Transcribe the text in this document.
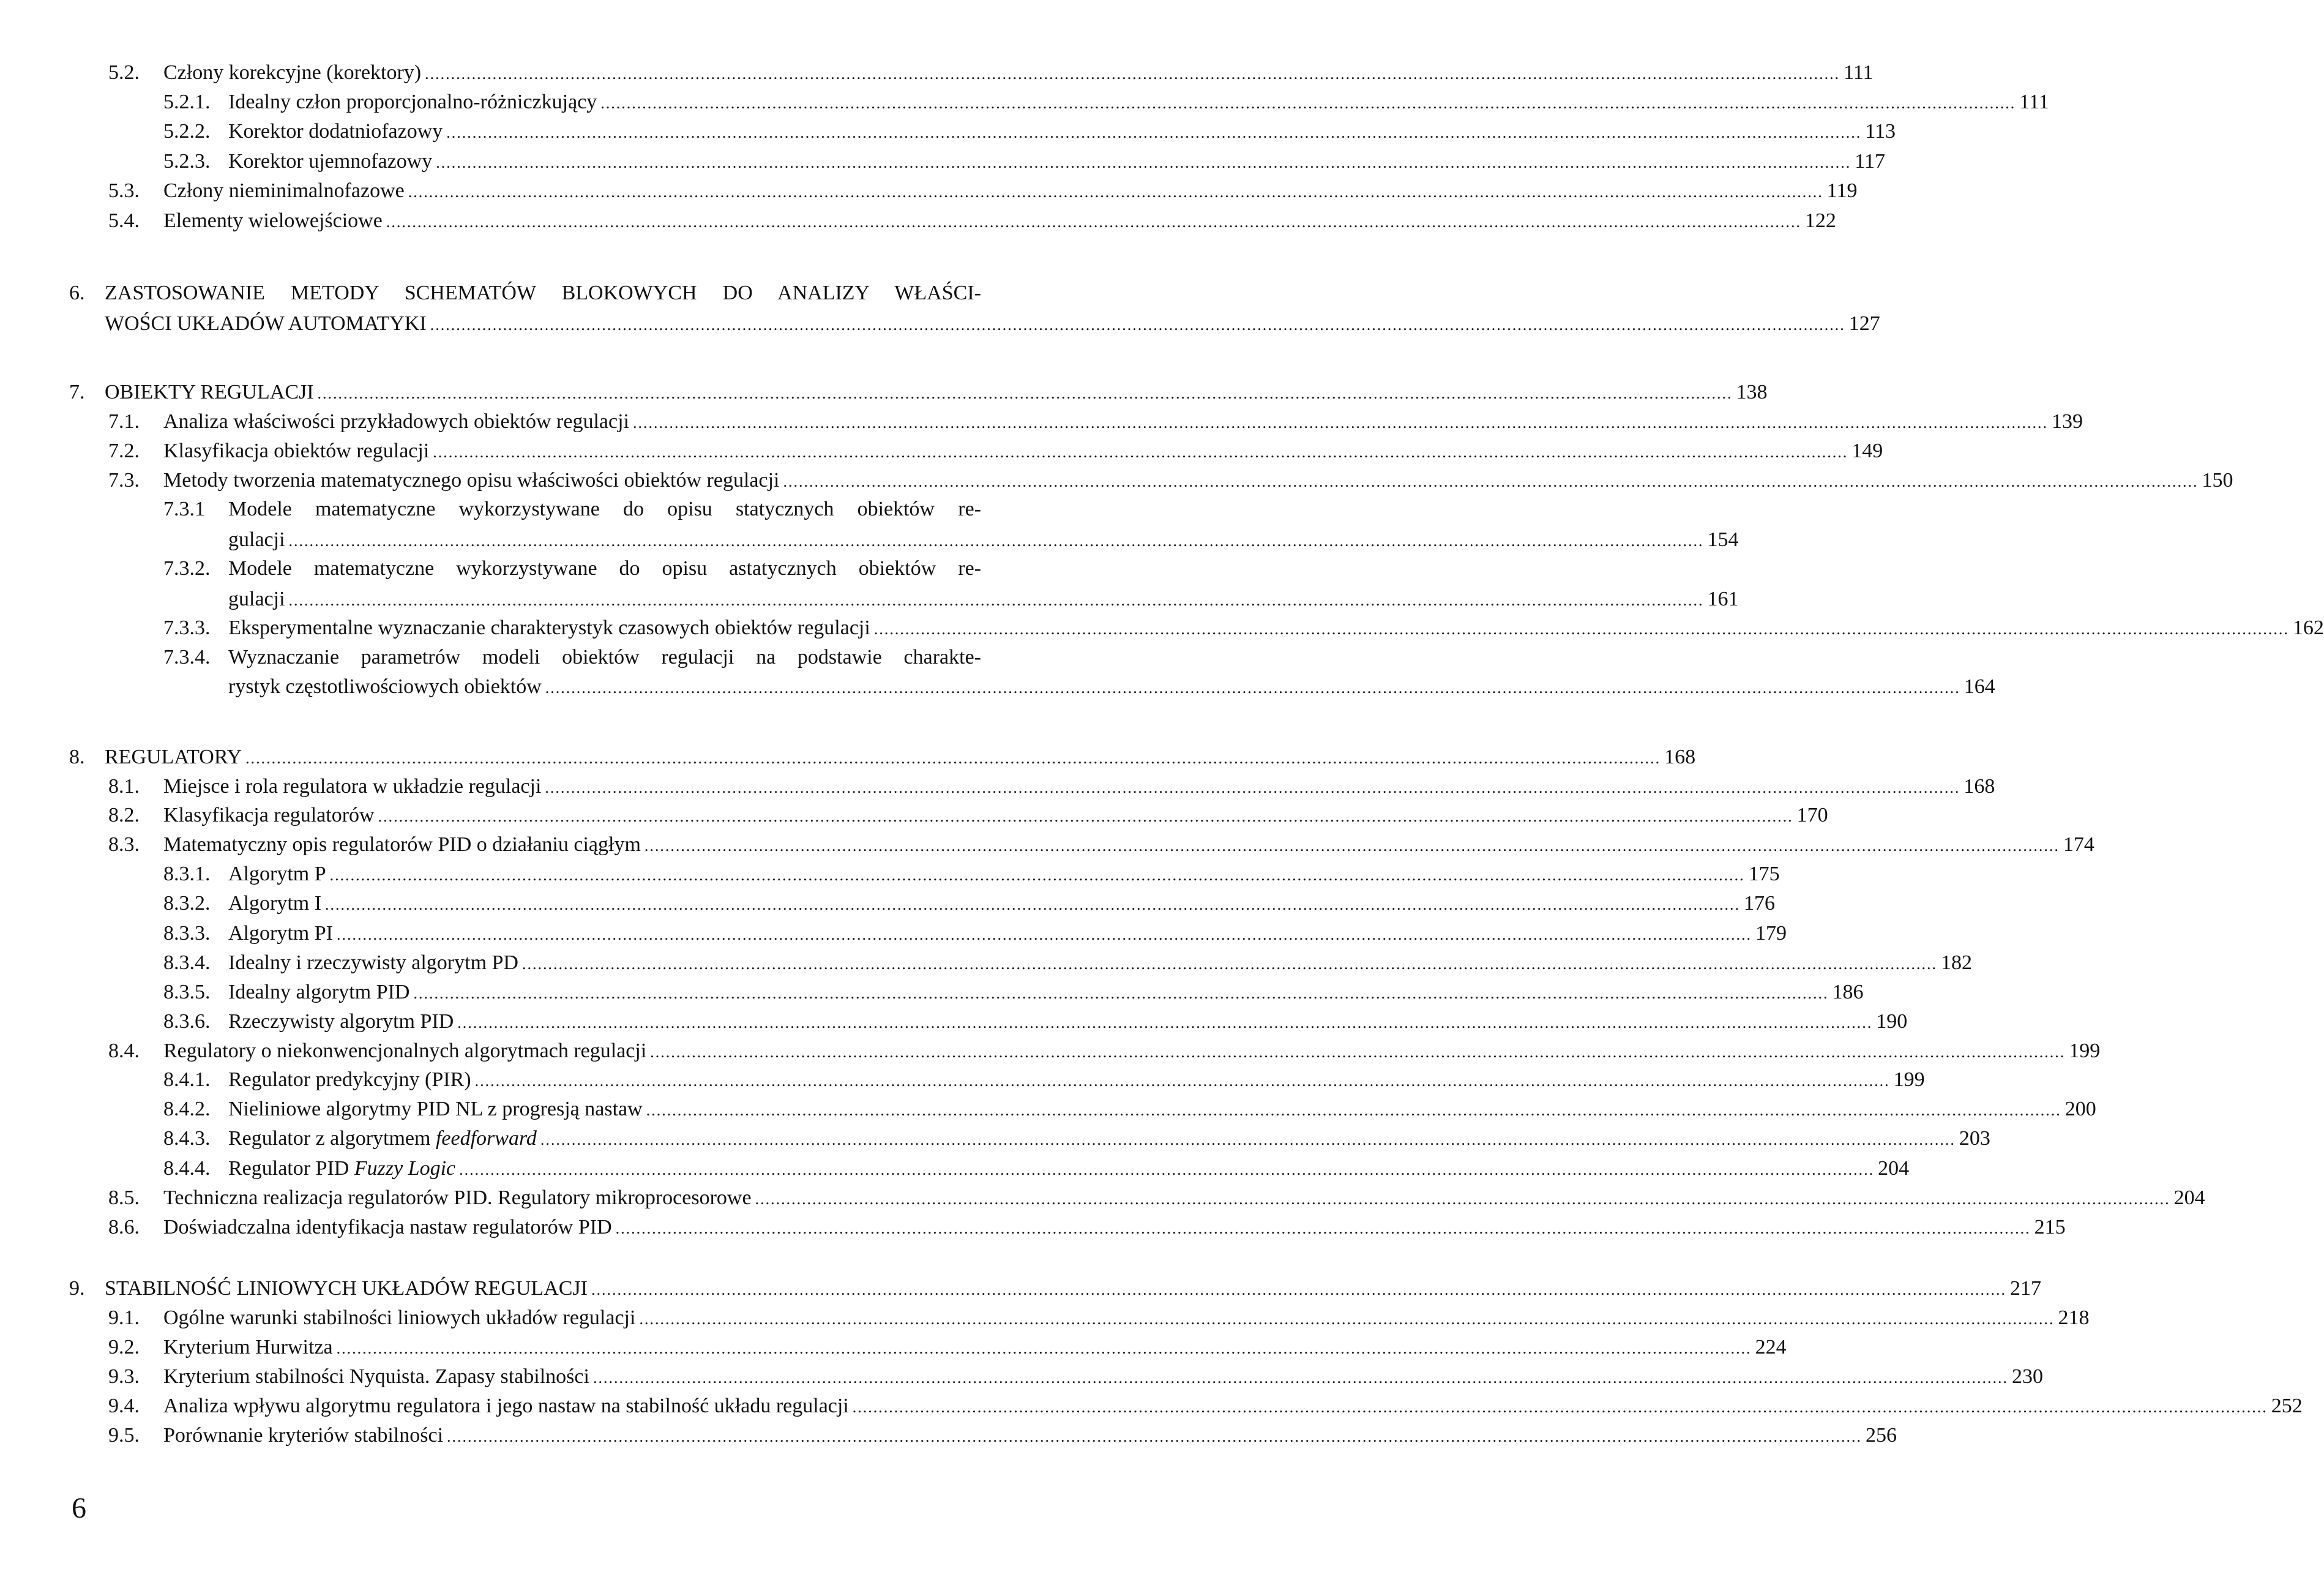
5.2. Człony korekcyjne (korektory) ................................................................................................................................................................................................................................................................................ 111
5.2.1. Idealny człon proporcjonalno-różniczkujący ................................................................................................................................................................................................................................................................................ 111
5.2.2. Korektor dodatniofazowy ................................................................................................................................................................................................................................................................................ 113
5.2.3. Korektor ujemnofazowy ................................................................................................................................................................................................................................................................................ 117
5.3. Człony nieminimalnofazowe ................................................................................................................................................................................................................................................................................ 119
5.4. Elementy wielowejściowe ................................................................................................................................................................................................................................................................................ 122
6. ZASTOSOWANIE METODY SCHEMATÓW BLOKOWYCH DO ANALIZY WŁAŚCI-
WOŚCI UKŁADÓW AUTOMATYKI ................................................................................................................................................................................................................................................................................ 127
7. OBIEKTY REGULACJI ................................................................................................................................................................................................................................................................................ 138
7.1. Analiza właściwości przykładowych obiektów regulacji ................................................................................................................................................................................................................................................................................ 139
7.2. Klasyfikacja obiektów regulacji ................................................................................................................................................................................................................................................................................ 149
7.3. Metody tworzenia matematycznego opisu właściwości obiektów regulacji ................................................................................................................................................................................................................................................................................ 150
7.3.1 Modele matematyczne wykorzystywane do opisu statycznych obiektów re-
gulacji ................................................................................................................................................................................................................................................................................ 154
7.3.2. Modele matematyczne wykorzystywane do opisu astatycznych obiektów re-
gulacji ................................................................................................................................................................................................................................................................................ 161
7.3.3. Eksperymentalne wyznaczanie charakterystyk czasowych obiektów regulacji ................................................................................................................................................................................................................................................................................ 162
7.3.4. Wyznaczanie parametrów modeli obiektów regulacji na podstawie charakte-
rystyk częstotliwościowych obiektów ................................................................................................................................................................................................................................................................................ 164
8. REGULATORY ................................................................................................................................................................................................................................................................................ 168
8.1. Miejsce i rola regulatora w układzie regulacji ................................................................................................................................................................................................................................................................................ 168
8.2. Klasyfikacja regulatorów ................................................................................................................................................................................................................................................................................ 170
8.3. Matematyczny opis regulatorów PID o działaniu ciągłym ................................................................................................................................................................................................................................................................................ 174
8.3.1. Algorytm P ................................................................................................................................................................................................................................................................................ 175
8.3.2. Algorytm I ................................................................................................................................................................................................................................................................................ 176
8.3.3. Algorytm PI ................................................................................................................................................................................................................................................................................ 179
8.3.4. Idealny i rzeczywisty algorytm PD ................................................................................................................................................................................................................................................................................ 182
8.3.5. Idealny algorytm PID ................................................................................................................................................................................................................................................................................ 186
8.3.6. Rzeczywisty algorytm PID ................................................................................................................................................................................................................................................................................ 190
8.4. Regulatory o niekonwencjonalnych algorytmach regulacji ................................................................................................................................................................................................................................................................................ 199
8.4.1. Regulator predykcyjny (PIR) ................................................................................................................................................................................................................................................................................ 199
8.4.2. Nieliniowe algorytmy PID NL z progresją nastaw ................................................................................................................................................................................................................................................................................ 200
8.4.3. Regulator z algorytmem feedforward ................................................................................................................................................................................................................................................................................ 203
8.4.4. Regulator PID Fuzzy Logic ................................................................................................................................................................................................................................................................................ 204
8.5. Techniczna realizacja regulatorów PID. Regulatory mikroprocesorowe ................................................................................................................................................................................................................................................................................ 204
8.6. Doświadczalna identyfikacja nastaw regulatorów PID ................................................................................................................................................................................................................................................................................ 215
9. STABILNOŚĆ LINIOWYCH UKŁADÓW REGULACJI ................................................................................................................................................................................................................................................................................ 217
9.1. Ogólne warunki stabilności liniowych układów regulacji ................................................................................................................................................................................................................................................................................ 218
9.2. Kryterium Hurwitza ................................................................................................................................................................................................................................................................................ 224
9.3. Kryterium stabilności Nyquista. Zapasy stabilności ................................................................................................................................................................................................................................................................................ 230
9.4. Analiza wpływu algorytmu regulatora i jego nastaw na stabilność układu regulacji ................................................................................................................................................................................................................................................................................ 252
9.5. Porównanie kryteriów stabilności ................................................................................................................................................................................................................................................................................ 256
6
